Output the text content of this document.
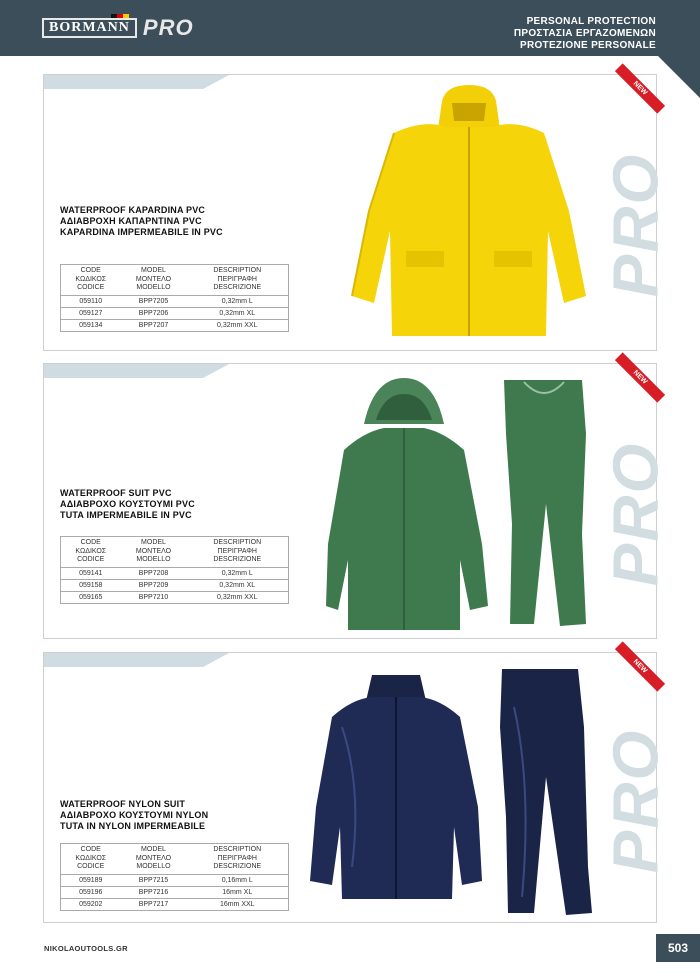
BORMANN PRO	PERSONAL PROTECTION
ΠΡΟΣΤΑΣΙΑ ΕΡΓΑΖΟΜΕΝΩΝ
PROTEZIONE PERSONALE
NEW
PRO
WATERPROOF KAPARDINA PVC
ΑΔΙΑΒΡΟΧΗ ΚΑΠΑΡΝΤΙΝΑ PVC
KAPARDINA IMPERMEABILE IN PVC
CODE
ΚΩΔΙΚΟΣ
CODICE	MODEL
ΜΟΝΤΕΛΟ
MODELLO	DESCRIPTION
ΠΕΡΙΓΡΑΦΗ
DESCRIZIONE
059110	BPP7205	0,32mm L
059127	BPP7206	0,32mm XL
059134	BPP7207	0,32mm XXL
NEW
PRO
WATERPROOF SUIT PVC
ΑΔΙΑΒΡΟΧΟ ΚΟΥΣΤΟΥΜΙ PVC
TUTA IMPERMEABILE IN PVC
CODE
ΚΩΔΙΚΟΣ
CODICE	MODEL
ΜΟΝΤΕΛΟ
MODELLO	DESCRIPTION
ΠΕΡΙΓΡΑΦΗ
DESCRIZIONE
059141	BPP7208	0,32mm L
059158	BPP7209	0,32mm XL
059165	BPP7210	0,32mm XXL
NEW
PRO
WATERPROOF NYLON SUIT
ΑΔΙΑΒΡΟΧΟ ΚΟΥΣΤΟΥΜΙ NYLON
TUTA IN NYLON IMPERMEABILE
CODE
ΚΩΔΙΚΟΣ
CODICE	MODEL
ΜΟΝΤΕΛΟ
MODELLO	DESCRIPTION
ΠΕΡΙΓΡΑΦΗ
DESCRIZIONE
059189	BPP7215	0,16mm L
059196	BPP7216	16mm XL
059202	BPP7217	16mm XXL
NIKOLAOUTOOLS.GR	503
